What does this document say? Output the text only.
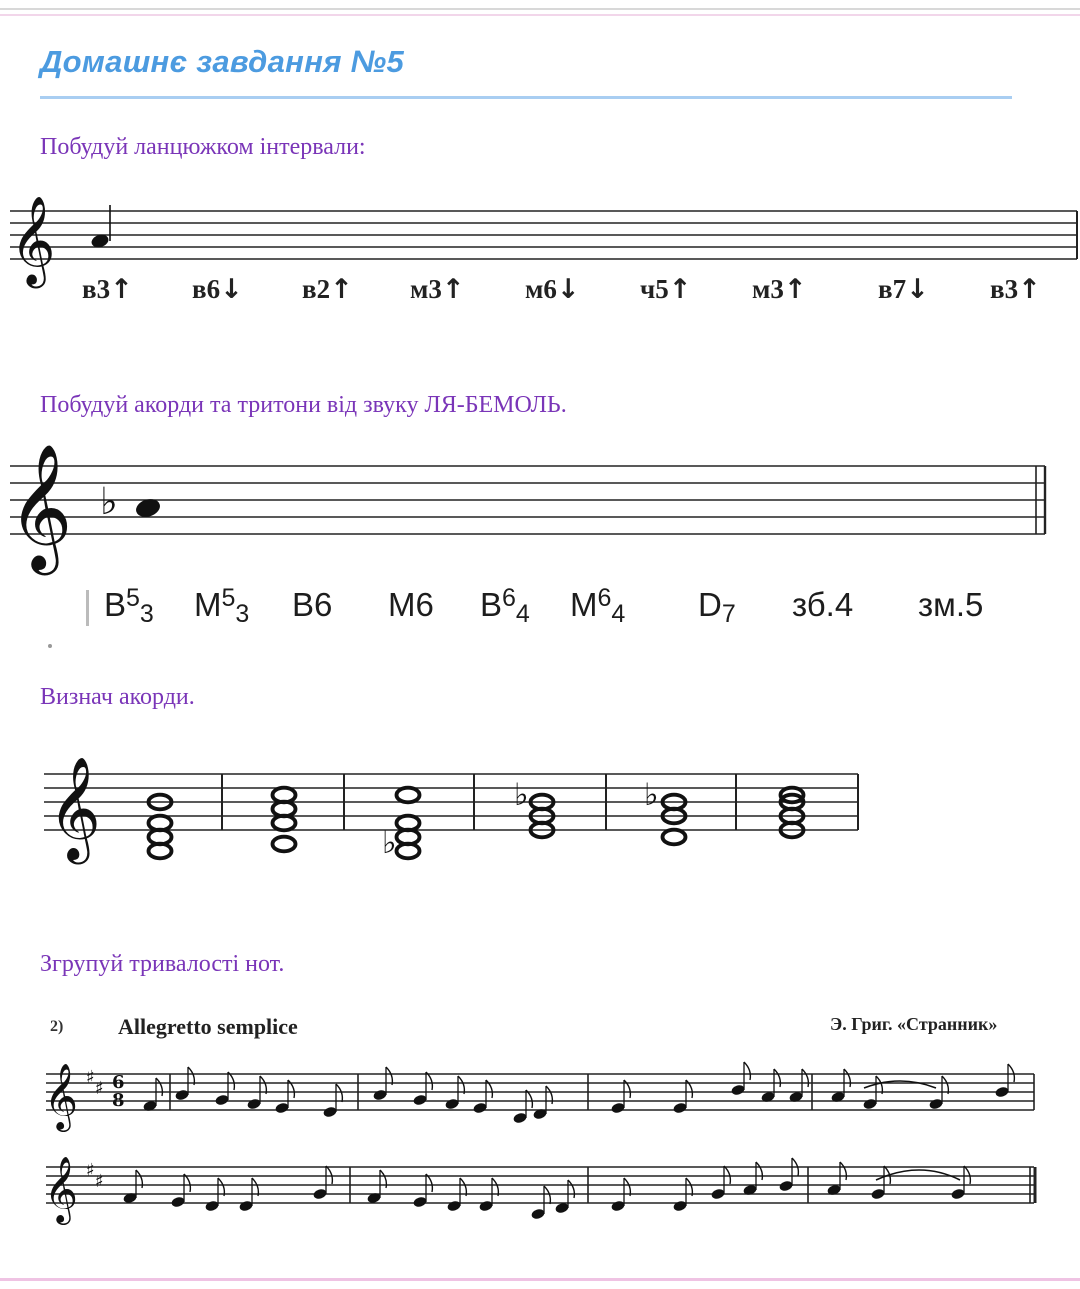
Домашнє завдання №5

Побудуй ланцюжком інтервали:

𝄞
𝄞 ♭
𝄞	♭
♭	♭
6
8
𝄞 ♯
♯
𝄞 ♯
♯
в3↑ в6↓ в2↑ м3↑ м6↓ ч5↑ м3↑	в7↓ в3↑

Побудуй акорди та тритони від звуку ЛЯ-БЕМОЛЬ.

$B^5_3$ $M^5_3$ B6 M6 $B^6_4$ $M^6_4$ $D_7$ зб.4 зм.5

Визнач акорди.

Згрупуй тривалості нот.

2) Allegretto semplice	Э. Григ. «Странник»
